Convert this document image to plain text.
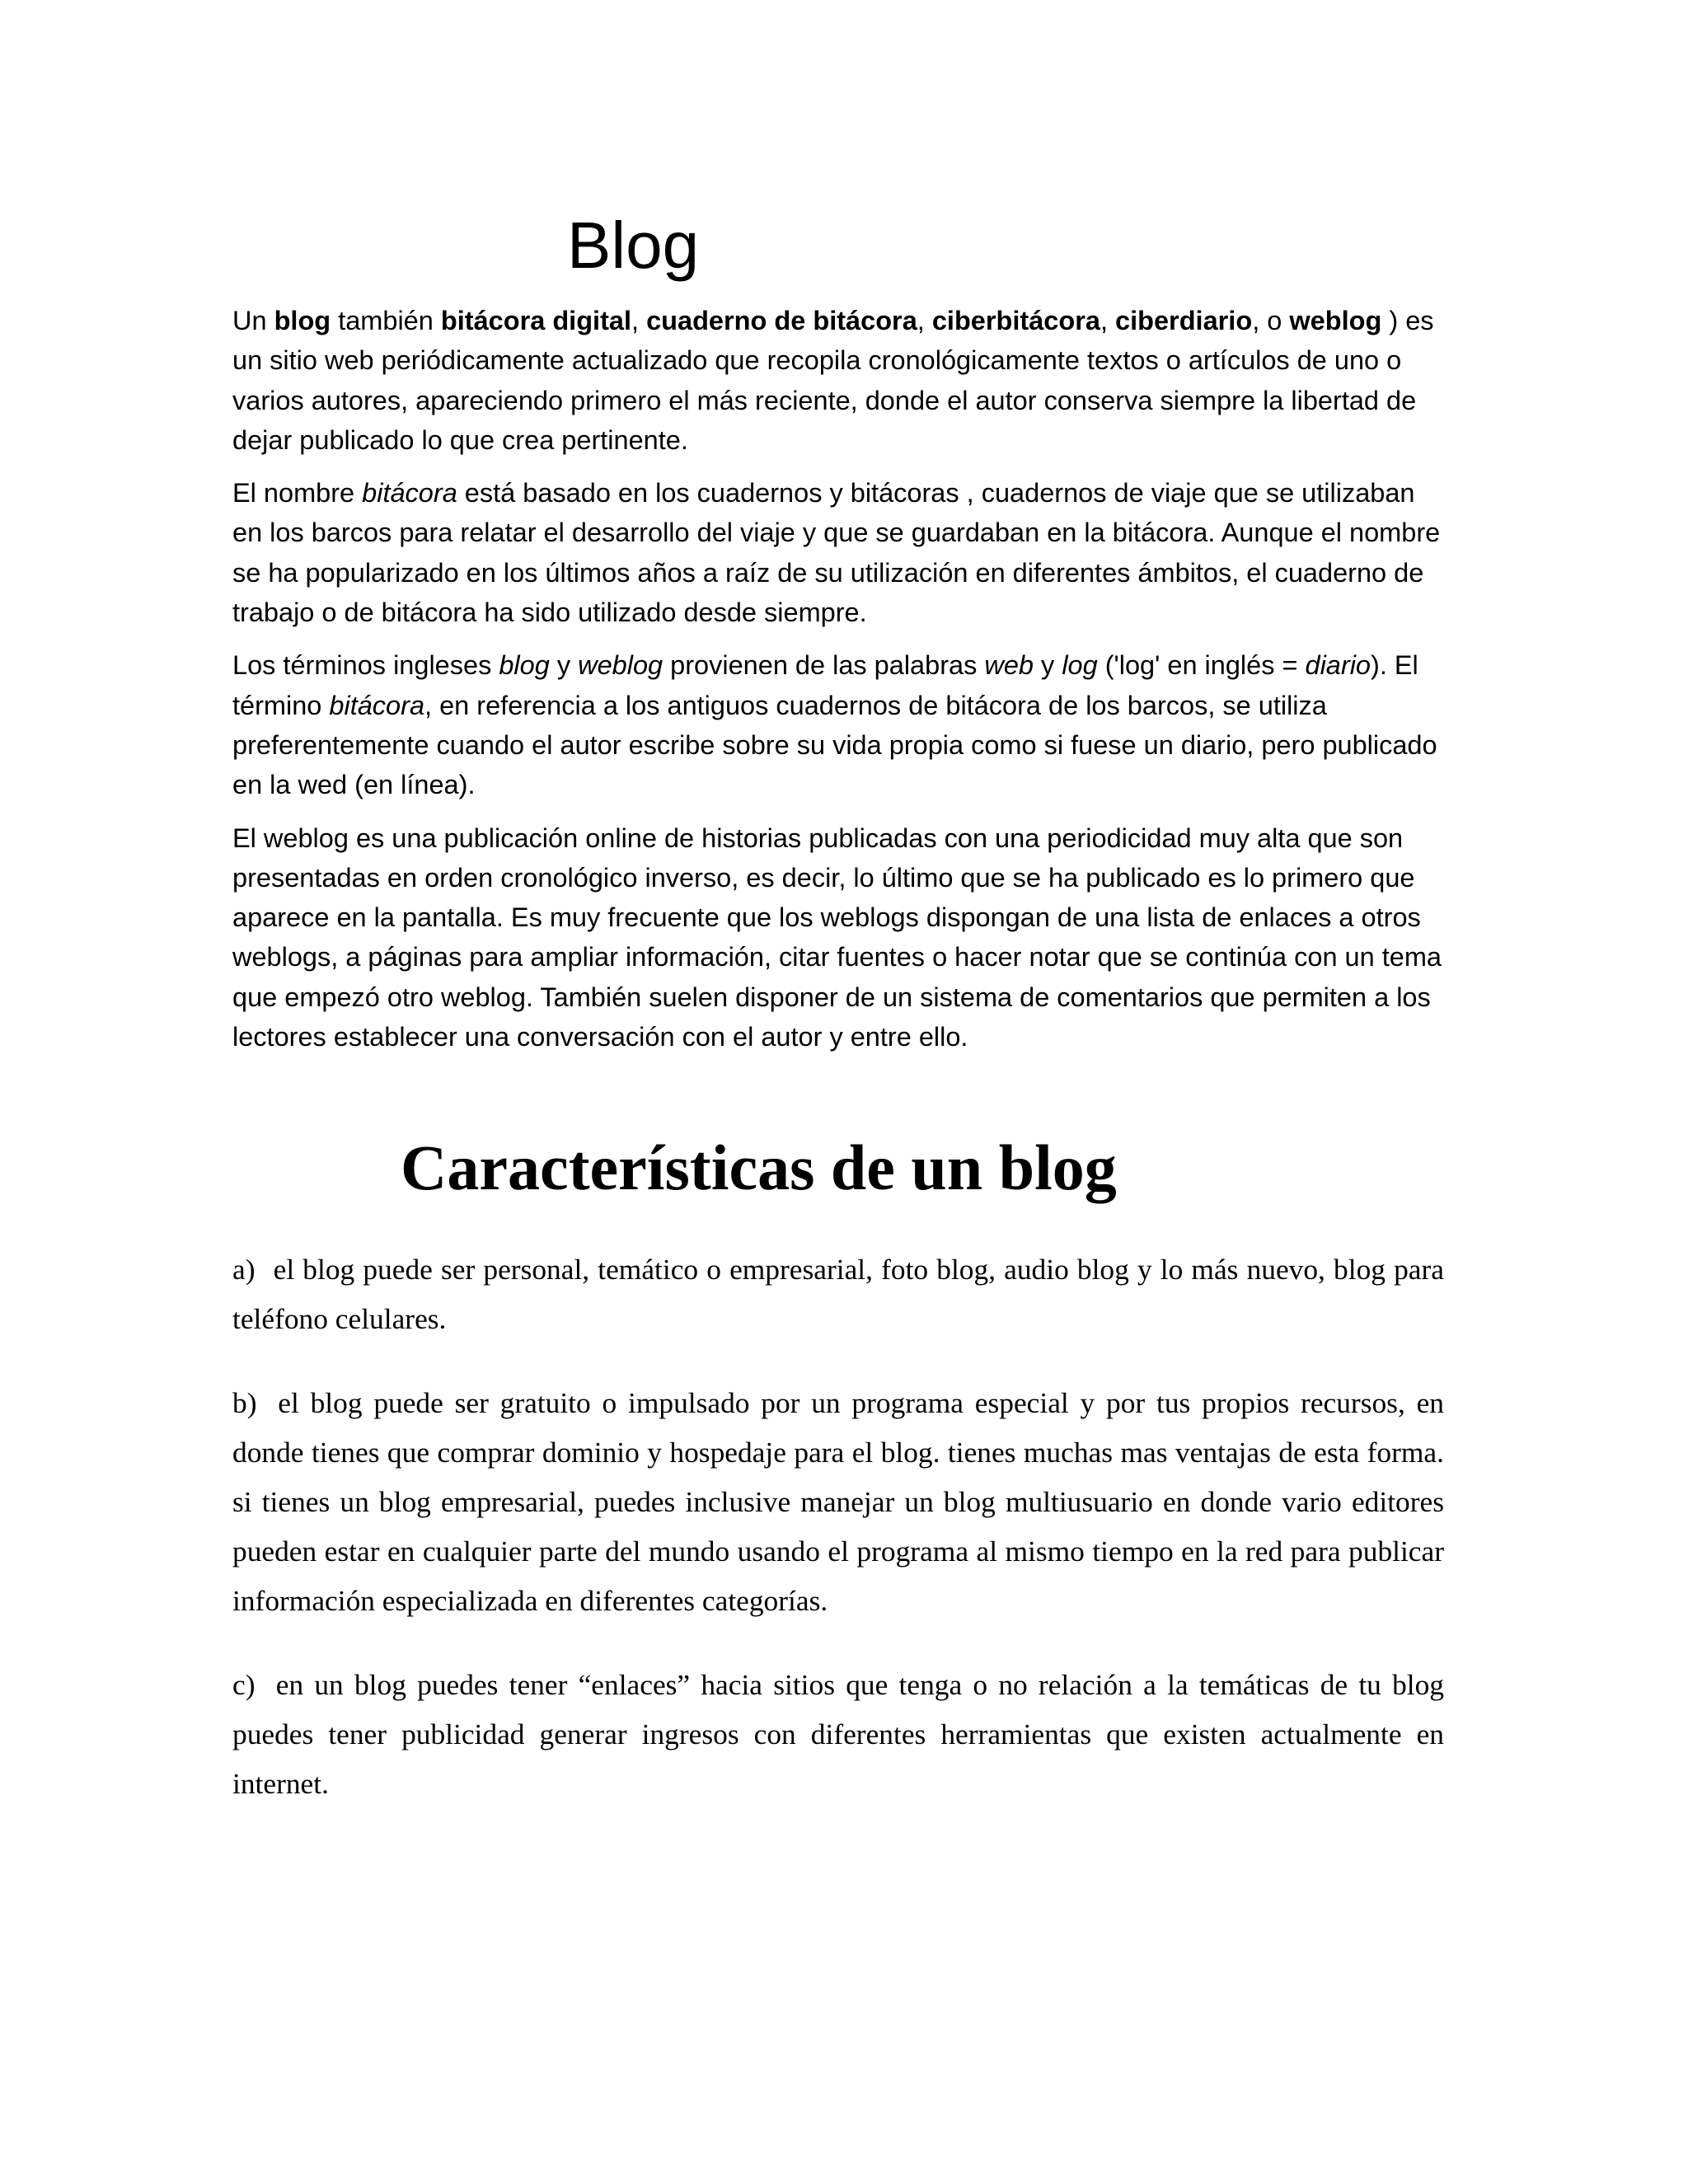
Blog

Un blog también bitácora digital, cuaderno de bitácora, ciberbitácora, ciberdiario, o weblog ) es un sitio web periódicamente actualizado que recopila cronológicamente textos o artículos de uno o varios autores, apareciendo primero el más reciente, donde el autor conserva siempre la libertad de dejar publicado lo que crea pertinente.

El nombre bitácora está basado en los cuadernos y bitácoras , cuadernos de viaje que se utilizaban en los barcos para relatar el desarrollo del viaje y que se guardaban en la bitácora. Aunque el nombre se ha popularizado en los últimos años a raíz de su utilización en diferentes ámbitos, el cuaderno de trabajo o de bitácora ha sido utilizado desde siempre.

Los términos ingleses blog y weblog provienen de las palabras web y log ('log' en inglés = diario). El término bitácora, en referencia a los antiguos cuadernos de bitácora de los barcos, se utiliza preferentemente cuando el autor escribe sobre su vida propia como si fuese un diario, pero publicado en la wed (en línea).

El weblog es una publicación online de historias publicadas con una periodicidad muy alta que son presentadas en orden cronológico inverso, es decir, lo último que se ha publicado es lo primero que aparece en la pantalla. Es muy frecuente que los weblogs dispongan de una lista de enlaces a otros weblogs, a páginas para ampliar información, citar fuentes o hacer notar que se continúa con un tema que empezó otro weblog. También suelen disponer de un sistema de comentarios que permiten a los lectores establecer una conversación con el autor y entre ello.

Características de un blog

a) el blog puede ser personal, temático o empresarial, foto blog, audio blog y lo más nuevo, blog para teléfono celulares.

b) el blog puede ser gratuito o impulsado por un programa especial y por tus propios recursos, en donde tienes que comprar dominio y hospedaje para el blog. tienes muchas mas ventajas de esta forma. si tienes un blog empresarial, puedes inclusive manejar un blog multiusuario en donde vario editores pueden estar en cualquier parte del mundo usando el programa al mismo tiempo en la red para publicar información especializada en diferentes categorías.

c) en un blog puedes tener “enlaces” hacia sitios que tenga o no relación a la temáticas de tu blog puedes tener publicidad generar ingresos con diferentes herramientas que existen actualmente en internet.
